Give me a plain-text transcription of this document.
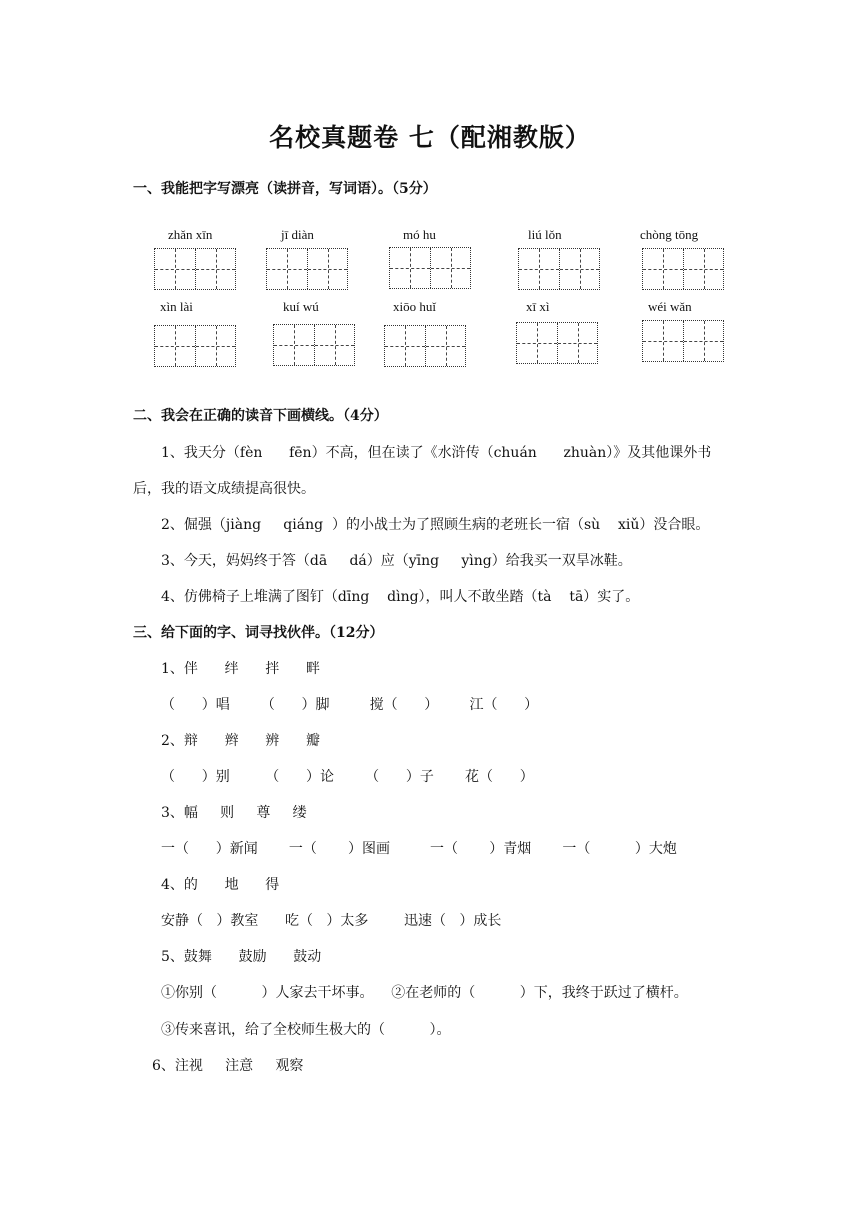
名校真题卷 七（配湘教版）
一、我能把字写漂亮（读拼音，写词语）。（5分）
zhǎn xīn	jī diàn	mó hu	liú lǒn	chòng tōng
xìn lài	kuí wú	xiōo huǐ	xī xì	wéi wǎn
二、我会在正确的读音下画横线。（4分）
1、我天分（fèn      fēn）不高，但在读了《水浒传（chuán      zhuàn）》及其他课外书
后，我的语文成绩提高很快。
2、倔强（jiàng     qiáng  ）的小战士为了照顾生病的老班长一宿（sù    xiǔ）没合眼。
3、今天，妈妈终于答（dā     dá）应（yīng     yìng）给我买一双旱冰鞋。
4、仿佛椅子上堆满了图钉（dīng    dìng），叫人不敢坐踏（tà    tā）实了。
三、给下面的字、词寻找伙伴。（12分）
1、伴      绊      拌      畔
（      ）唱       （      ）脚         搅（      ）       江（      ）
2、辩      辫      辨      瓣
（      ）别        （      ）论       （      ）子       花（      ）
3、幅     则     尊     缕
一（      ）新闻       一（       ）图画         一（       ）青烟       一（          ）大炮
4、的      地      得
安静（   ）教室      吃（   ）太多        迅速（   ）成长
5、鼓舞      鼓励      鼓动
①你别（          ）人家去干坏事。    ②在老师的（          ）下，我终于跃过了横杆。
③传来喜讯，给了全校师生极大的（          ）。
6、注视     注意     观察
